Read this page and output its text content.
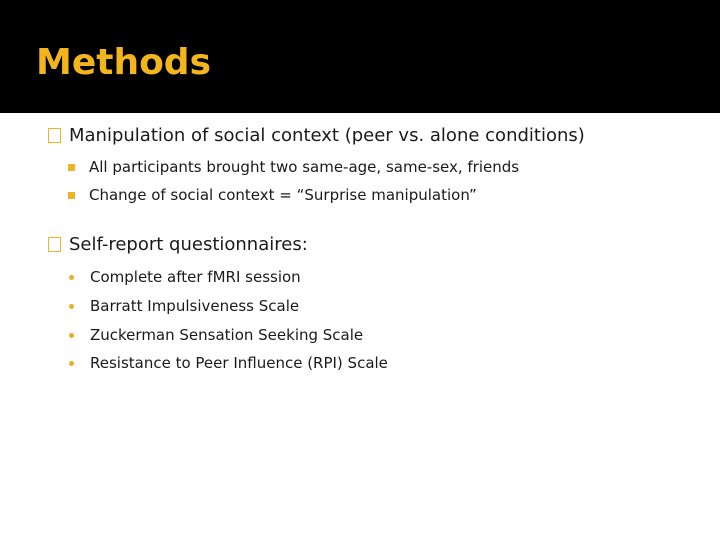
Methods
Manipulation of social context (peer vs. alone conditions)
All participants brought two same-age, same-sex, friends
Change of social context = “Surprise manipulation”
Self-report questionnaires:
Complete after fMRI session
Barratt Impulsiveness Scale
Zuckerman Sensation Seeking Scale
Resistance to Peer Influence (RPI) Scale
